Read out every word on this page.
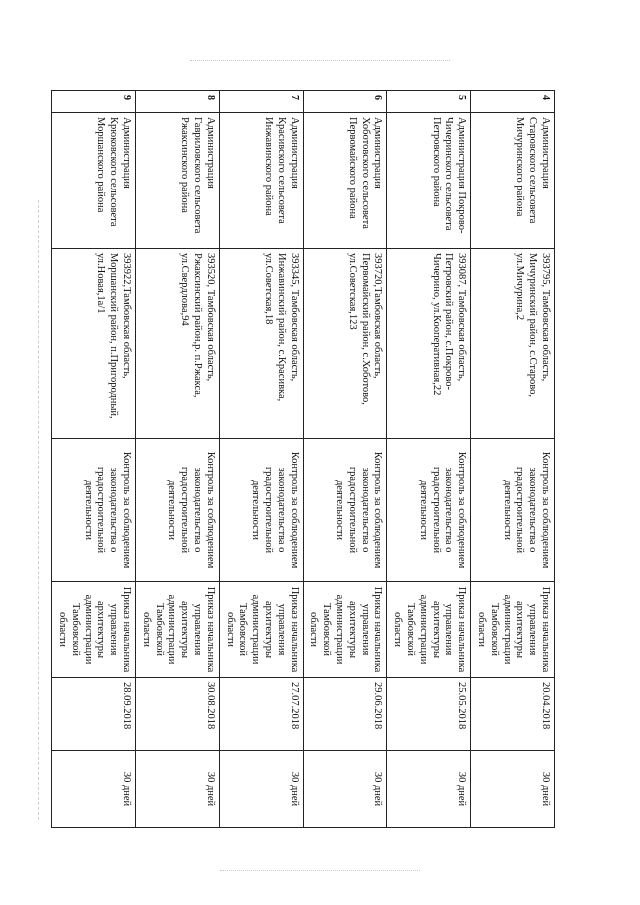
4	Администрация Старовского сельсовета Мичуринского района	393795, Тамбовская область, Мичуринский район, с.Старово, ул.Мичурина,2	Контроль за соблюдением законодательства о градостроительной деятельности	Приказ начальника управления архитектуры администрации Тамбовской области	20.04.2018	30 дней
5	Администрация Покрово-Чичеринского сельсовета Петровского района	393087, Тамбовская область, Петровский район, с.Покрово-Чичерино, ул.Кооперативная,22	Контроль за соблюдением законодательства о градостроительной деятельности	Приказ начальника управления архитектуры администрации Тамбовской области	25.05.2018	30 дней
6	Администрация Хоботовского сельсовета Первомайского района	393720,Тамбовская область, Первомайский район, с.Хоботово, ул.Советская,123	Контроль за соблюдением законодательства о градостроительной деятельности	Приказ начальника управления архитектуры администрации Тамбовской области	29.06.2018	30 дней
7	Администрация Красивского сельсовета Инжавинского района	393345, Тамбовская область, Инжавинский район, с.Красивка, ул.Советская,18	Контроль за соблюдением законодательства о градостроительной деятельности	Приказ начальника управления архитектуры администрации Тамбовской области	27.07.2018	30 дней
8	Администрация Гавриловского сельсовета Ржаксинского района	393520, Тамбовская область, Ржаксинский район,р. п.Ржакса, ул.Свердлова,94	Контроль за соблюдением законодательства о градостроительной деятельности	Приказ начальника управления архитектуры администрации Тамбовской области	30.08.2018	30 дней
9	Администрация Крюковского сельсовета Моршанского района	393922,Тамбовская область, Моршанский район, п.Пригородный, ул.Новая,1а/1	Контроль за соблюдением законодательства о градостроительной деятельности	Приказ начальника управления архитектуры администрации Тамбовской области	28.09.2018	30 дней
